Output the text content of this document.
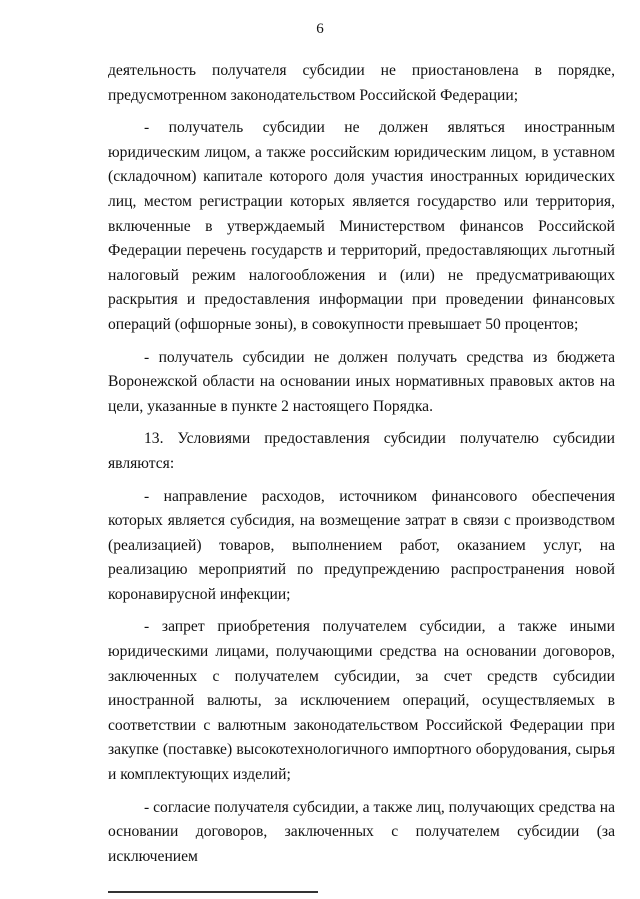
6

деятельность получателя субсидии не приостановлена в порядке, предусмотренном законодательством Российской Федерации;

- получатель субсидии не должен являться иностранным юридическим лицом, а также российским юридическим лицом, в уставном (складочном) капитале которого доля участия иностранных юридических лиц, местом регистрации которых является государство или территория, включенные в утверждаемый Министерством финансов Российской Федерации перечень государств и территорий, предоставляющих льготный налоговый режим налогообложения и (или) не предусматривающих раскрытия и предоставления информации при проведении финансовых операций (офшорные зоны), в совокупности превышает 50 процентов;

- получатель субсидии не должен получать средства из бюджета Воронежской области на основании иных нормативных правовых актов на цели, указанные в пункте 2 настоящего Порядка.

13. Условиями предоставления субсидии получателю субсидии являются:

- направление расходов, источником финансового обеспечения которых является субсидия, на возмещение затрат в связи с производством (реализацией) товаров, выполнением работ, оказанием услуг, на реализацию мероприятий по предупреждению распространения новой коронавирусной инфекции;

- запрет приобретения получателем субсидии, а также иными юридическими лицами, получающими средства на основании договоров, заключенных с получателем субсидии, за счет средств субсидии иностранной валюты, за исключением операций, осуществляемых в соответствии с валютным законодательством Российской Федерации при закупке (поставке) высокотехнологичного импортного оборудования, сырья и комплектующих изделий;

- согласие получателя субсидии, а также лиц, получающих средства на основании договоров, заключенных с получателем субсидии (за исключением
